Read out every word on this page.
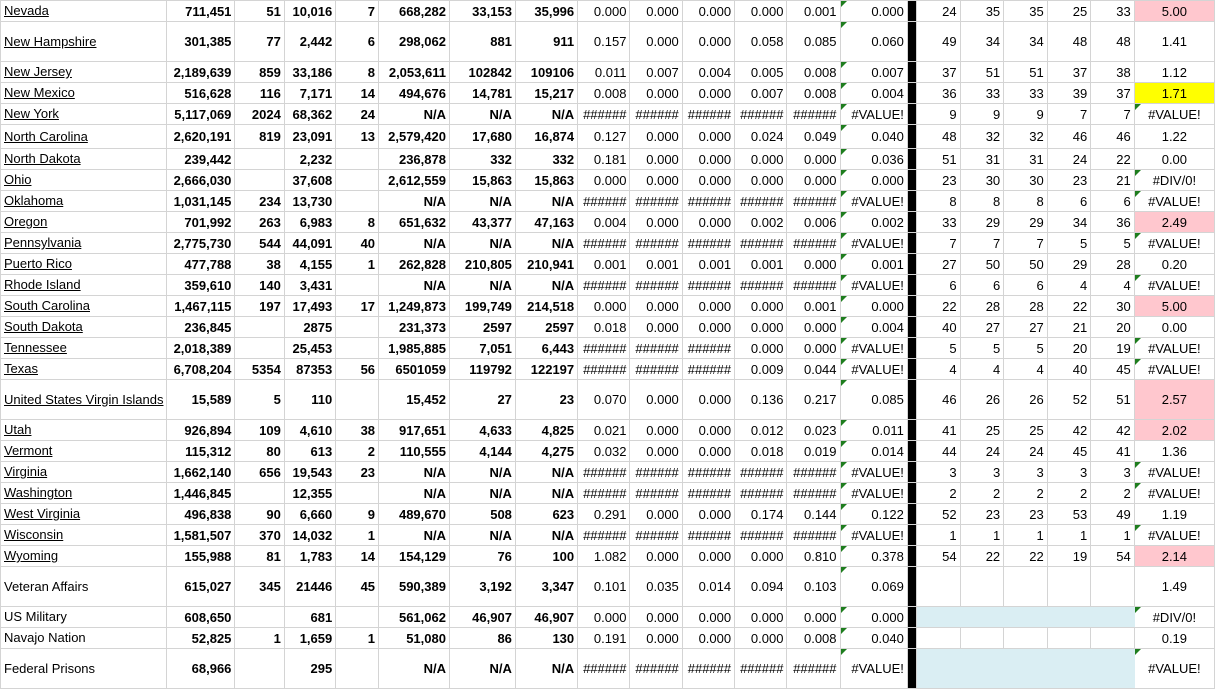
Nevada	711,451	51	10,016	7	668,282	33,153	35,996	0.000	0.000	0.000	0.000	0.001	0.000		24	35	35	25	33	5.00
New Hampshire	301,385	77	2,442	6	298,062	881	911	0.157	0.000	0.000	0.058	0.085	0.060		49	34	34	48	48	1.41
New Jersey	2,189,639	859	33,186	8	2,053,611	102842	109106	0.011	0.007	0.004	0.005	0.008	0.007		37	51	51	37	38	1.12
New Mexico	516,628	116	7,171	14	494,676	14,781	15,217	0.008	0.000	0.000	0.007	0.008	0.004		36	33	33	39	37	1.71
New York	5,117,069	2024	68,362	24	N/A	N/A	N/A	######	######	######	######	######	#VALUE!		9	9	9	7	7	#VALUE!
North Carolina	2,620,191	819	23,091	13	2,579,420	17,680	16,874	0.127	0.000	0.000	0.024	0.049	0.040		48	32	32	46	46	1.22
North Dakota	239,442		2,232		236,878	332	332	0.181	0.000	0.000	0.000	0.000	0.036		51	31	31	24	22	0.00
Ohio	2,666,030		37,608		2,612,559	15,863	15,863	0.000	0.000	0.000	0.000	0.000	0.000		23	30	30	23	21	#DIV/0!
Oklahoma	1,031,145	234	13,730		N/A	N/A	N/A	######	######	######	######	######	#VALUE!		8	8	8	6	6	#VALUE!
Oregon	701,992	263	6,983	8	651,632	43,377	47,163	0.004	0.000	0.000	0.002	0.006	0.002		33	29	29	34	36	2.49
Pennsylvania	2,775,730	544	44,091	40	N/A	N/A	N/A	######	######	######	######	######	#VALUE!		7	7	7	5	5	#VALUE!
Puerto Rico	477,788	38	4,155	1	262,828	210,805	210,941	0.001	0.001	0.001	0.001	0.000	0.001		27	50	50	29	28	0.20
Rhode Island	359,610	140	3,431		N/A	N/A	N/A	######	######	######	######	######	#VALUE!		6	6	6	4	4	#VALUE!
South Carolina	1,467,115	197	17,493	17	1,249,873	199,749	214,518	0.000	0.000	0.000	0.000	0.001	0.000		22	28	28	22	30	5.00
South Dakota	236,845		2875		231,373	2597	2597	0.018	0.000	0.000	0.000	0.000	0.004		40	27	27	21	20	0.00
Tennessee	2,018,389		25,453		1,985,885	7,051	6,443	######	######	######	0.000	0.000	#VALUE!		5	5	5	20	19	#VALUE!
Texas	6,708,204	5354	87353	56	6501059	119792	122197	######	######	######	0.009	0.044	#VALUE!		4	4	4	40	45	#VALUE!
United States Virgin Islands	15,589	5	110		15,452	27	23	0.070	0.000	0.000	0.136	0.217	0.085		46	26	26	52	51	2.57
Utah	926,894	109	4,610	38	917,651	4,633	4,825	0.021	0.000	0.000	0.012	0.023	0.011		41	25	25	42	42	2.02
Vermont	115,312	80	613	2	110,555	4,144	4,275	0.032	0.000	0.000	0.018	0.019	0.014		44	24	24	45	41	1.36
Virginia	1,662,140	656	19,543	23	N/A	N/A	N/A	######	######	######	######	######	#VALUE!		3	3	3	3	3	#VALUE!
Washington	1,446,845		12,355		N/A	N/A	N/A	######	######	######	######	######	#VALUE!		2	2	2	2	2	#VALUE!
West Virginia	496,838	90	6,660	9	489,670	508	623	0.291	0.000	0.000	0.174	0.144	0.122		52	23	23	53	49	1.19
Wisconsin	1,581,507	370	14,032	1	N/A	N/A	N/A	######	######	######	######	######	#VALUE!		1	1	1	1	1	#VALUE!
Wyoming	155,988	81	1,783	14	154,129	76	100	1.082	0.000	0.000	0.000	0.810	0.378		54	22	22	19	54	2.14
Veteran Affairs	615,027	345	21446	45	590,389	3,192	3,347	0.101	0.035	0.014	0.094	0.103	0.069							1.49
US Military	608,650		681		561,062	46,907	46,907	0.000	0.000	0.000	0.000	0.000	0.000							#DIV/0!
Navajo Nation	52,825	1	1,659	1	51,080	86	130	0.191	0.000	0.000	0.000	0.008	0.040							0.19
Federal Prisons	68,966		295		N/A	N/A	N/A	######	######	######	######	######	#VALUE!							#VALUE!
